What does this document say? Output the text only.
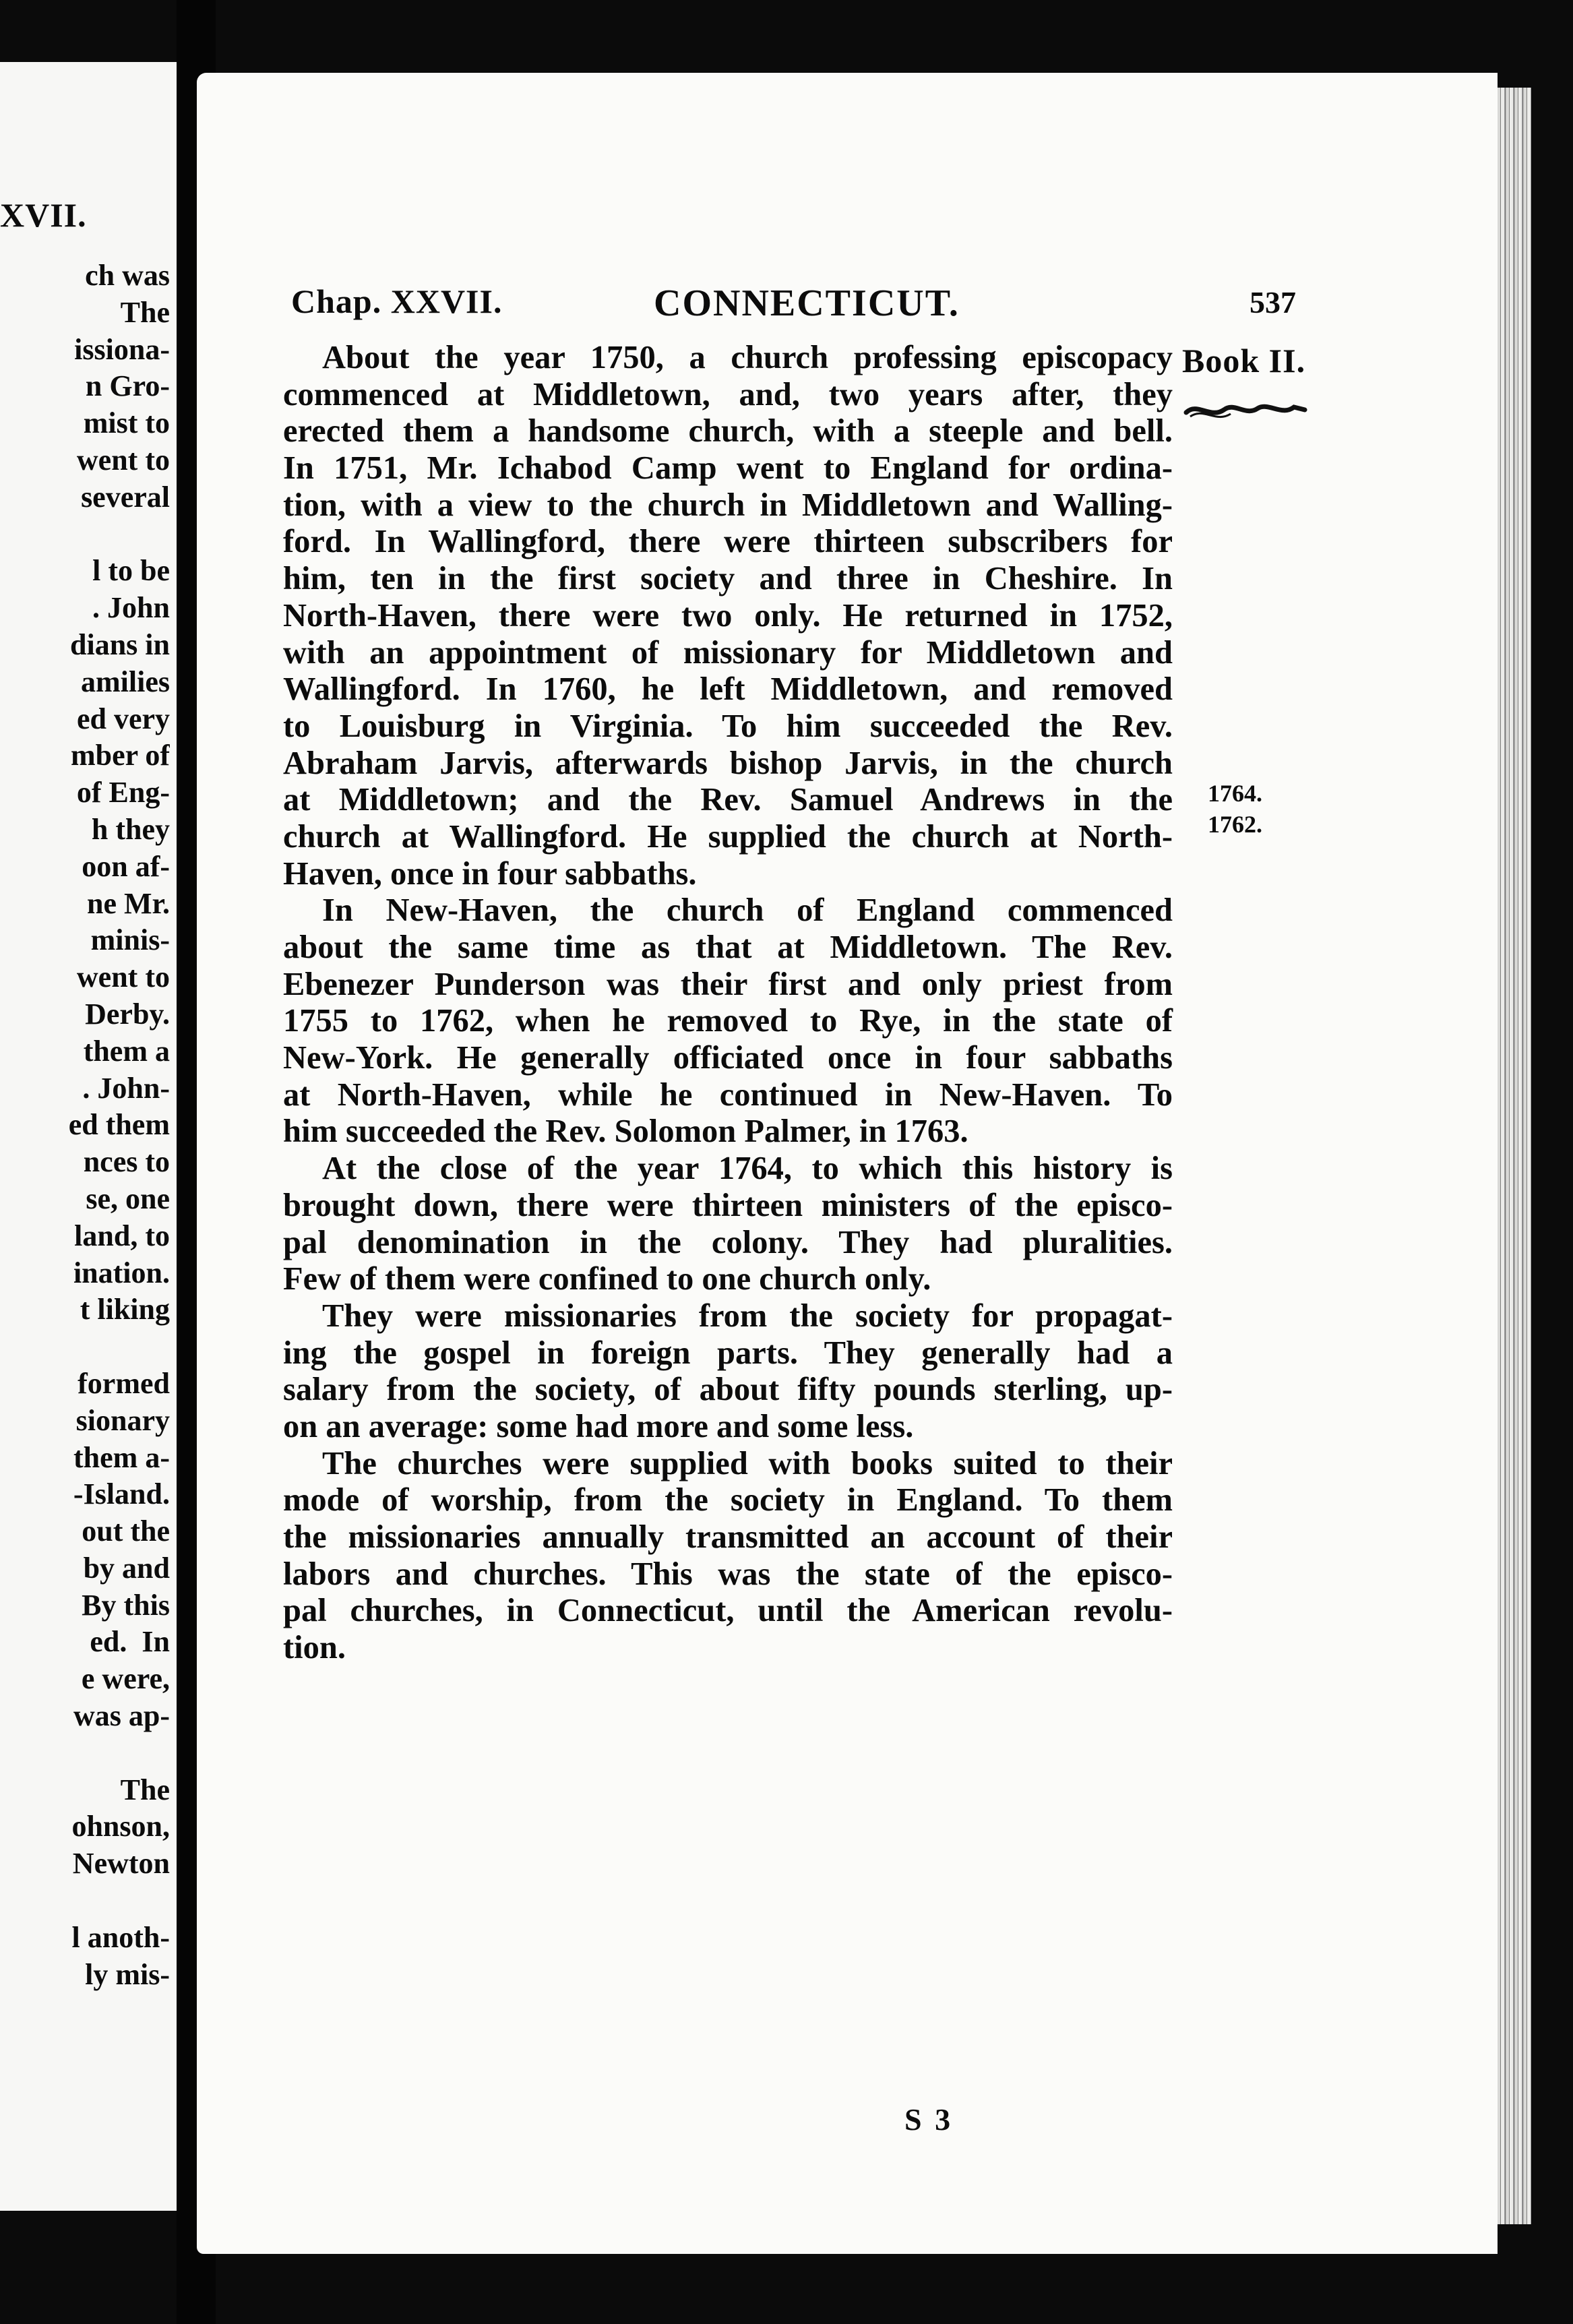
XVII.
ch was
The
issiona-
n Gro-
mist to
went to
several
l to be
. John
dians in
amilies
ed very
mber of
of Eng-
h they
oon af-
ne Mr.
minis-
went to
Derby.
them a
. John-
ed them
nces to
se, one
land, to
ination.
t liking
formed
sionary
them a-
-Island.
out the
by and
By this
ed.  In
e were,
was ap-
The
ohnson,
Newton
l anoth-
ly mis-
Chap. XXVII.	CONNECTICUT.	537
Book II.
1764.
1762.
About the year 1750, a church professing episcopacy
commenced at Middletown, and, two years after, they
erected them a handsome church, with a steeple and bell.
In 1751, Mr. Ichabod Camp went to England for ordina-
tion, with a view to the church in Middletown and Walling-
ford. In Wallingford, there were thirteen subscribers for
him, ten in the first society and three in Cheshire. In
North-Haven, there were two only. He returned in 1752,
with an appointment of missionary for Middletown and
Wallingford. In 1760, he left Middletown, and removed
to Louisburg in Virginia. To him succeeded the Rev.
Abraham Jarvis, afterwards bishop Jarvis, in the church
at Middletown; and the Rev. Samuel Andrews in the
church at Wallingford. He supplied the church at North-
Haven, once in four sabbaths.
In New-Haven, the church of England commenced
about the same time as that at Middletown. The Rev.
Ebenezer Punderson was their first and only priest from
1755 to 1762, when he removed to Rye, in the state of
New-York. He generally officiated once in four sabbaths
at North-Haven, while he continued in New-Haven. To
him succeeded the Rev. Solomon Palmer, in 1763.
At the close of the year 1764, to which this history is
brought down, there were thirteen ministers of the episco-
pal denomination in the colony. They had pluralities.
Few of them were confined to one church only.
They were missionaries from the society for propagat-
ing the gospel in foreign parts. They generally had a
salary from the society, of about fifty pounds sterling, up-
on an average: some had more and some less.
The churches were supplied with books suited to their
mode of worship, from the society in England. To them
the missionaries annually transmitted an account of their
labors and churches. This was the state of the episco-
pal churches, in Connecticut, until the American revolu-
tion.
S 3
